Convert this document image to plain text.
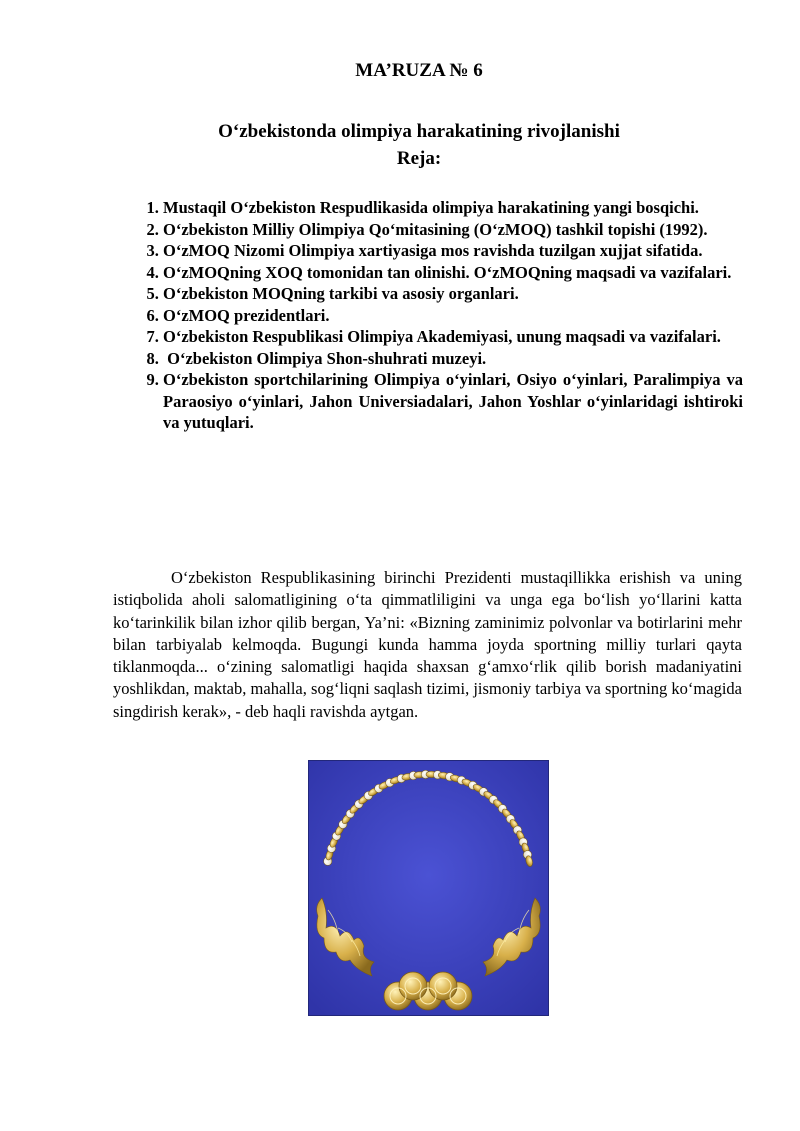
MA’RUZA № 6
O‘zbekistonda olimpiya harakatining rivojlanishi
Reja:
1. Mustaqil O‘zbekiston Respudlikasida olimpiya harakatining yangi bosqichi.
2. O‘zbekiston Milliy Olimpiya Qo‘mitasining (O‘zMOQ) tashkil topishi (1992).
3. O‘zMOQ Nizomi Olimpiya xartiyasiga mos ravishda tuzilgan xujjat sifatida.
4. O‘zMOQning XOQ tomonidan tan olinishi. O‘zMOQning maqsadi va vazifalari.
5. O‘zbekiston MOQning tarkibi va asosiy organlari.
6. O‘zMOQ prezidentlari.
7. O‘zbekiston Respublikasi Olimpiya Akademiyasi, unung maqsadi va vazifalari.
8.  O‘zbekiston Olimpiya Shon-shuhrati muzeyi.
9. O‘zbekiston sportchilarining Olimpiya o‘yinlari, Osiyo o‘yinlari, Paralimpiya va Paraosiyo o‘yinlari, Jahon Universiadalari, Jahon Yoshlar o‘yinlaridagi ishtiroki va yutuqlari.

O‘zbekiston Respublikasining birinchi Prezidenti mustaqillikka erishish va uning istiqbolida aholi salomatligining o‘ta qimmatliligini va unga ega bo‘lish yo‘llarini katta ko‘tarinkilik bilan izhor qilib bergan, Ya’ni: «Bizning zaminimiz polvonlar va botirlarini mehr bilan tarbiyalab kelmoqda. Bugungi kunda hamma joyda sportning milliy turlari qayta tiklanmoqda... o‘zining salomatligi haqida shaxsan g‘amxo‘rlik qilib borish madaniyatini yoshlikdan, maktab, mahalla, sog‘liqni saqlash tizimi, jismoniy tarbiya va sportning ko‘magida singdirish kerak», - deb haqli ravishda aytgan.
